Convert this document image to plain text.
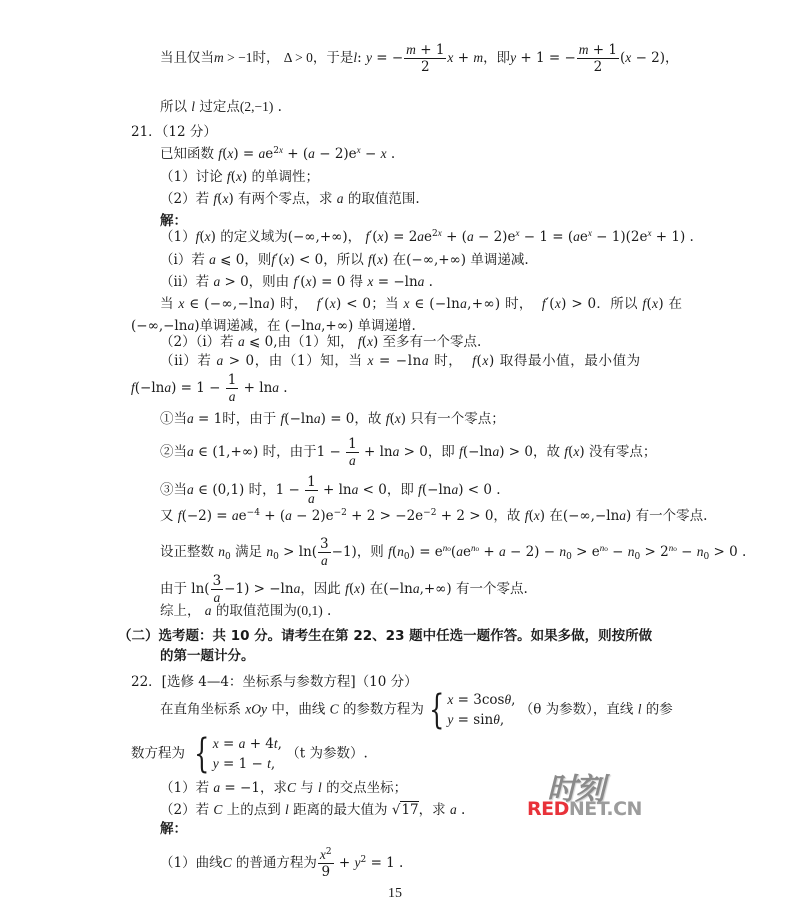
当且仅当m > −1时， Δ > 0，于是l: y = − $\frac{m + 1}{2}$ x + m，即y + 1 = − $\frac{m + 1}{2} (x - 2)$，
所以 l 过定点(2,−1) .
21．（12 分）
已知函数 $f(x) = ae^{2x} + (a - 2)e^x - x$ .
（1）讨论 f(x) 的单调性；
（2）若 f(x) 有两个零点，求 a 的取值范围.
解：
（1）f(x) 的定义域为(−∞,+∞)， $f'(x) = 2ae^{2x} + (a - 2)e^x - 1 = (ae^x - 1)(2e^x + 1)$ .
（ⅰ）若 a ⩽ 0，则f′(x) < 0，所以 f(x) 在(−∞,+∞) 单调递减.
（ⅱ）若 a > 0，则由 f′(x) = 0 得 x = −lna .
当 x ∈ (−∞,−lna) 时， f′(x) < 0；当 x ∈ (−lna,+∞) 时， f′(x) > 0．所以 f(x) 在
(−∞,−lna)单调递减，在 (−lna,+∞) 单调递增.
（2）（ⅰ）若 a ⩽ 0,由（1）知， f(x) 至多有一个零点.
（ⅱ）若 a > 0，由（1）知，当 x = −lna 时， f(x) 取得最小值，最小值为
$f(-\ln a) = 1 - \frac{1}{a} + \ln a$ .
①当a = 1时，由于 f(−lna) = 0，故 f(x) 只有一个零点；
②当a ∈ (1,+∞) 时，由于$1 - \frac{1}{a} + \ln a > 0$，即 f(−lna) > 0，故 f(x) 没有零点；
③当a ∈ (0,1) 时，$1 - \frac{1}{a} + \ln a < 0$，即 f(−lna) < 0 .
又 $f(-2) = ae^{-4} + (a - 2)e^{-2} + 2 > -2e^{-2} + 2 > 0$，故 f(x) 在(−∞,−lna) 有一个零点.
设正整数 $n_0$ 满足 $n_0 > \ln( \frac{3}{a} -1)$，则 $f(n_0) = e^{n_0}(ae^{n_0} + a - 2) - n_0 > e^{n_0} - n_0 > 2^{n_0} - n_0 > 0$ .
由于 $\ln( \frac{3}{a} -1) > -\ln a$，因此 f(x) 在(−lna,+∞) 有一个零点.
综上， a 的取值范围为(0,1) .
（二）选考题：共 10 分。请考生在第 22、23 题中任选一题作答。如果多做，则按所做
的第一题计分。
22．[选修 4—4：坐标系与参数方程]（10 分）
在直角坐标系 xOy 中，曲线 C 的参数方程为 { x = 3cosθ,
y = sinθ,
（θ 为参数），直线 l 的参
数方程为 { x = a + 4t,
y = 1 − t,
（t 为参数）.
（1）若 a = −1，求C 与 l 的交点坐标；
（2）若 C 上的点到 l 距离的最大值为 √17，求 a .
解：
（1）曲线C 的普通方程为 $\frac{x^2}{9} + y^2 = 1$ .
时刻
REDNET.CN
15
